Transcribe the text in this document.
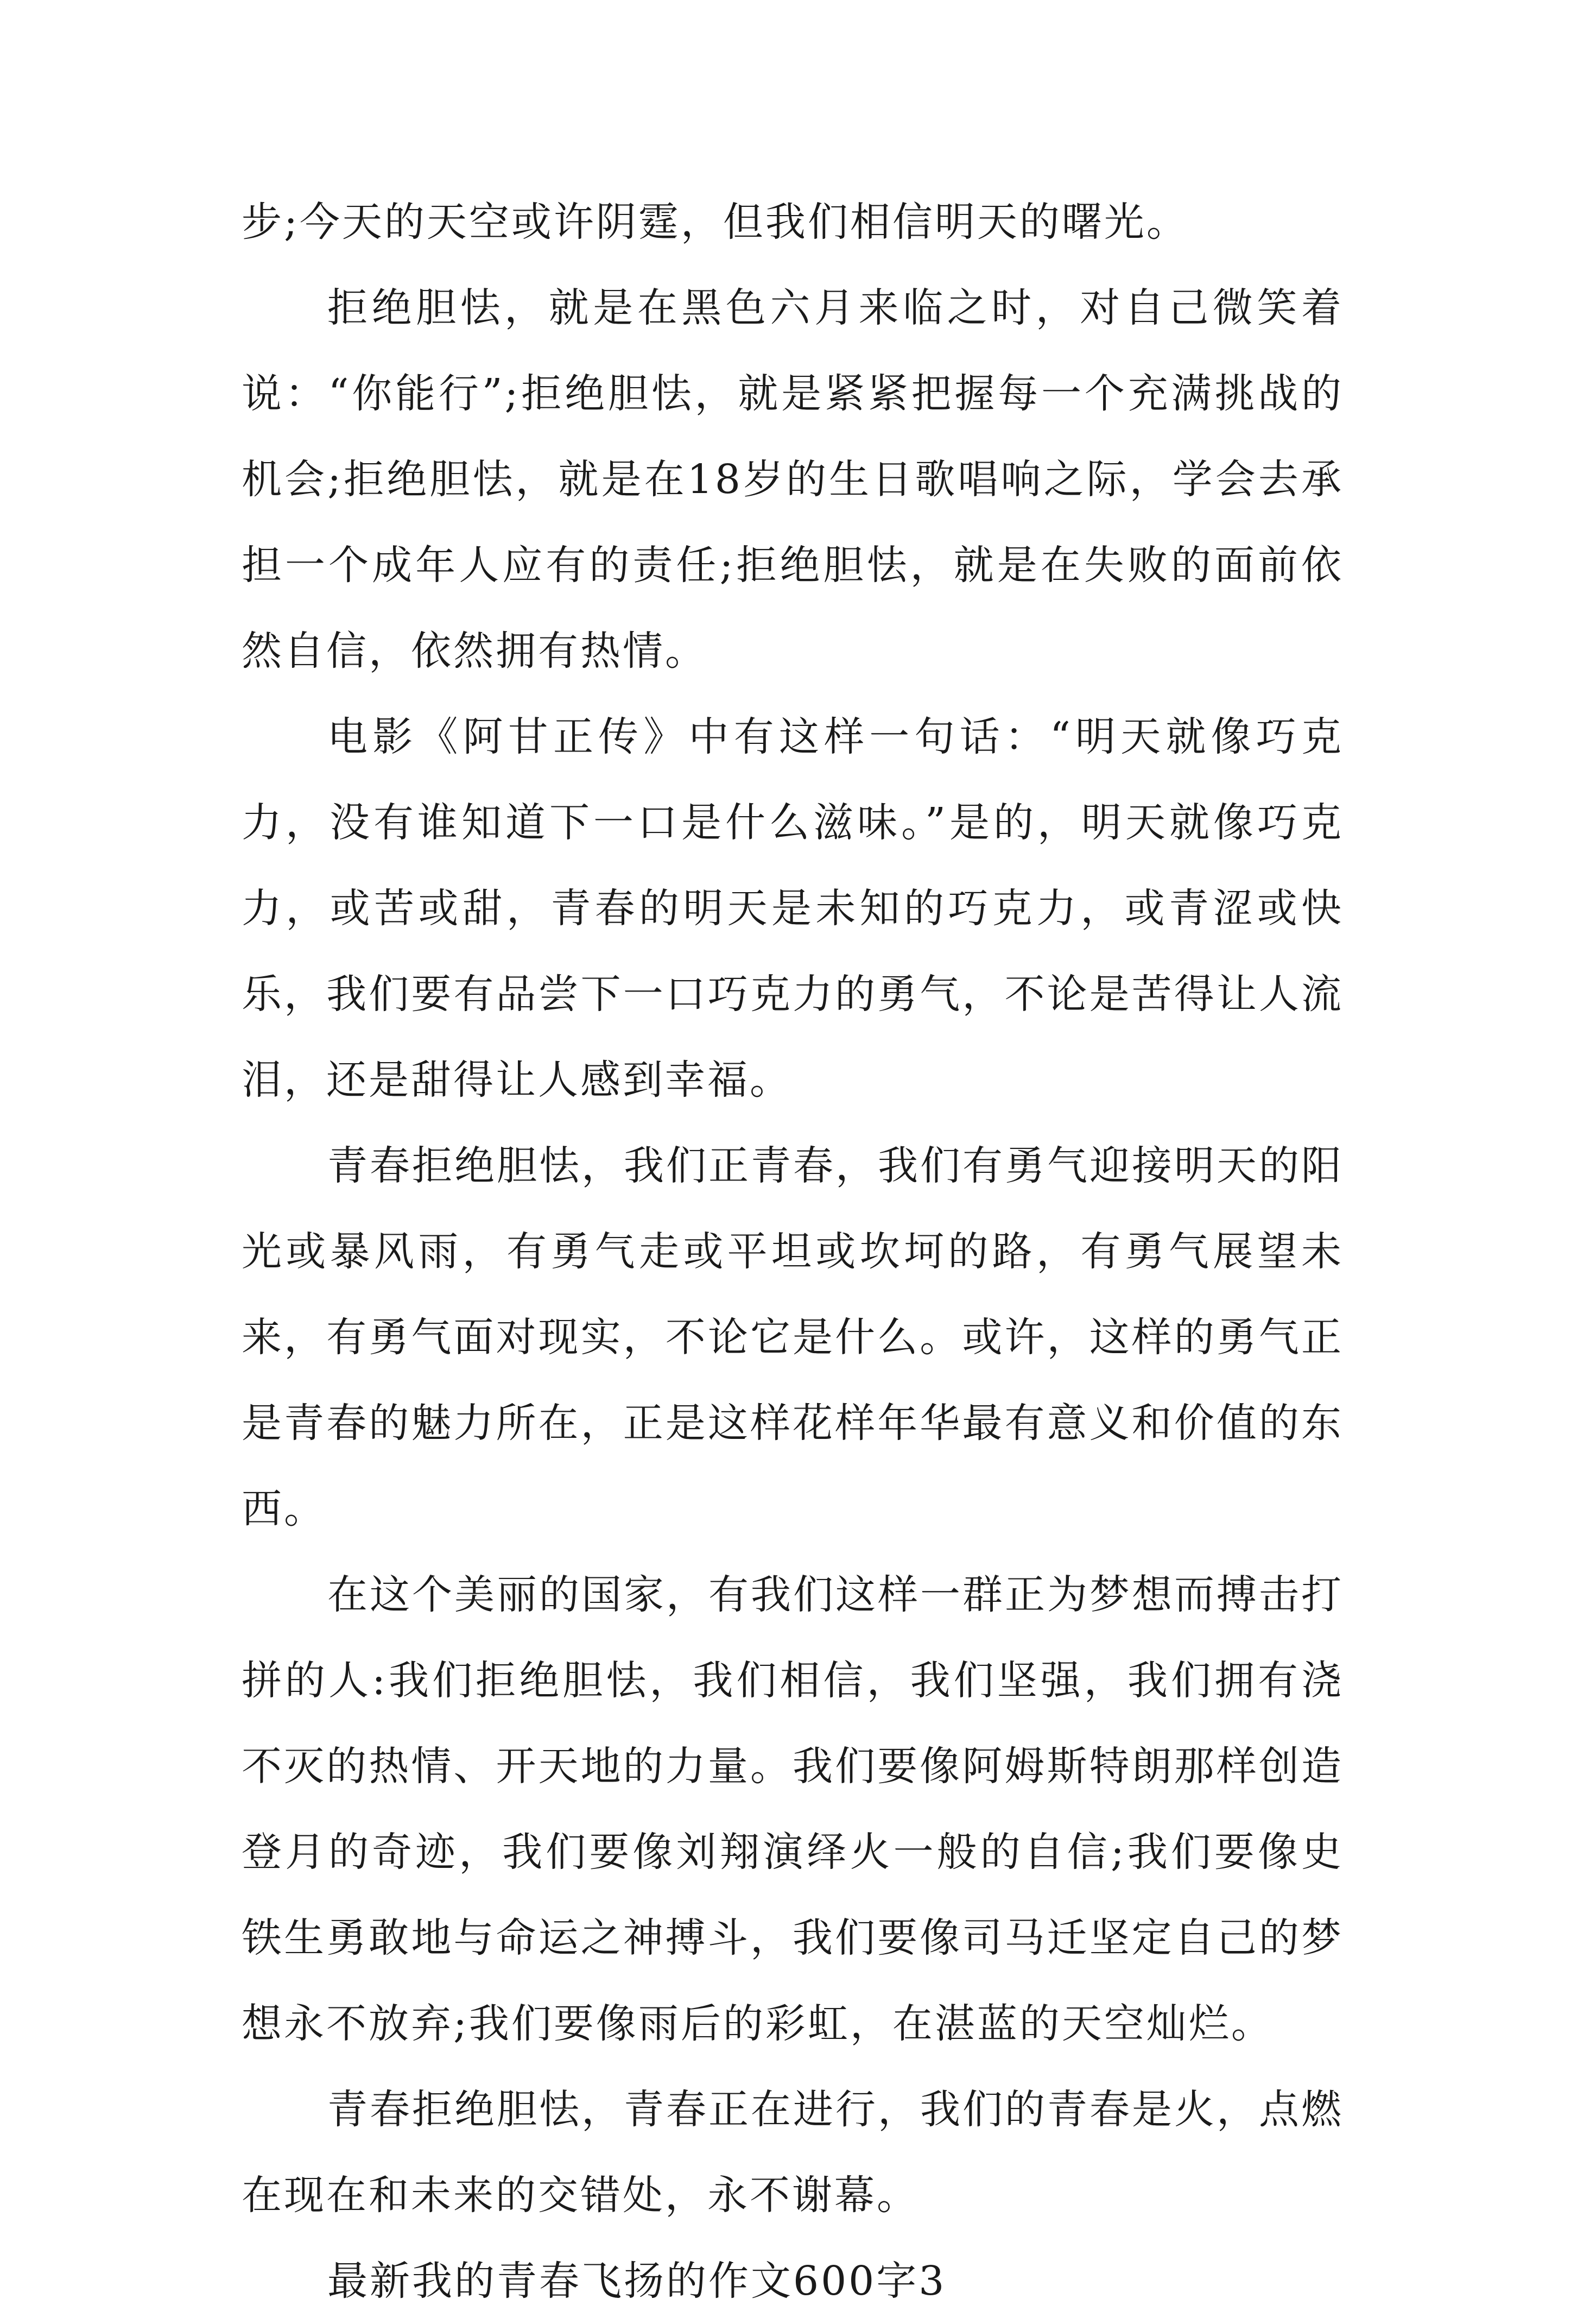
步;今天的天空或许阴霆，但我们相信明天的曙光。

拒绝胆怯，就是在黑色六月来临之时，对自己微笑着说：“你能行”;拒绝胆怯，就是紧紧把握每一个充满挑战的机会;拒绝胆怯，就是在18岁的生日歌唱响之际，学会去承担一个成年人应有的责任;拒绝胆怯，就是在失败的面前依然自信，依然拥有热情。

电影《阿甘正传》中有这样一句话：“明天就像巧克力，没有谁知道下一口是什么滋味。”是的，明天就像巧克力，或苦或甜，青春的明天是未知的巧克力，或青涩或快乐，我们要有品尝下一口巧克力的勇气，不论是苦得让人流泪，还是甜得让人感到幸福。

青春拒绝胆怯，我们正青春，我们有勇气迎接明天的阳光或暴风雨，有勇气走或平坦或坎坷的路，有勇气展望未来，有勇气面对现实，不论它是什么。或许，这样的勇气正是青春的魅力所在，正是这样花样年华最有意义和价值的东西。

在这个美丽的国家，有我们这样一群正为梦想而搏击打拼的人:我们拒绝胆怯，我们相信，我们坚强，我们拥有浇不灭的热情、开天地的力量。我们要像阿姆斯特朗那样创造登月的奇迹，我们要像刘翔演绎火一般的自信;我们要像史铁生勇敢地与命运之神搏斗，我们要像司马迁坚定自己的梦想永不放弃;我们要像雨后的彩虹，在湛蓝的天空灿烂。

青春拒绝胆怯，青春正在进行，我们的青春是火，点燃在现在和未来的交错处，永不谢幕。

最新我的青春飞扬的作文600字3
